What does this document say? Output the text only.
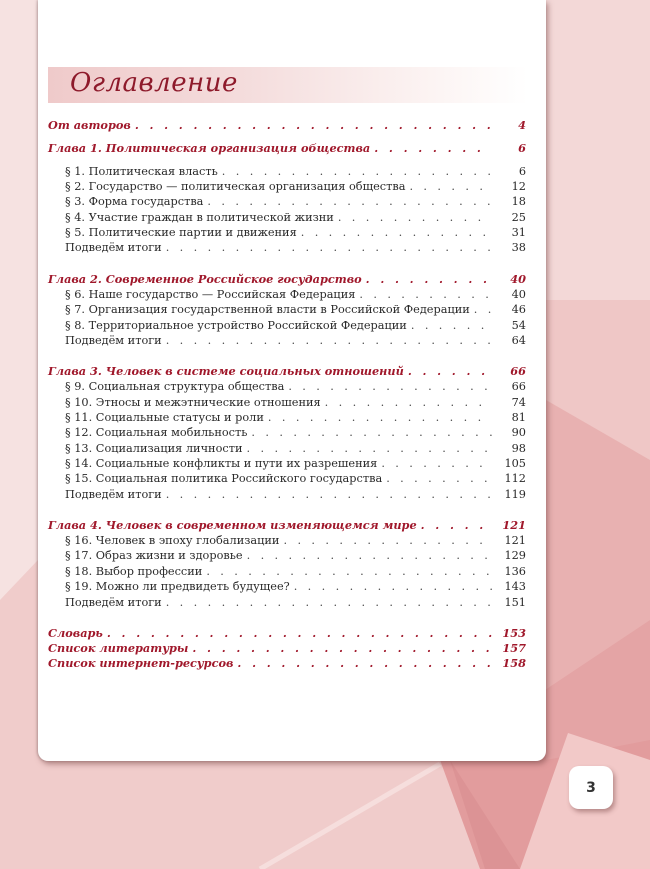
Оглавление
От авторов . . .	4
Глава 1. Политическая организация общества . . .	6
§ 1. Политическая власть . . .	6
§ 2. Государство — политическая организация общества . . .	12
§ 3. Форма государства . . .	18
§ 4. Участие граждан в политической жизни . . .	25
§ 5. Политические партии и движения . . .	31
Подведём итоги . . .	38
Глава 2. Современное Российское государство . . .	40
§ 6. Наше государство — Российская Федерация . . .	40
§ 7. Организация государственной власти в Российской Федерации . . .	46
§ 8. Территориальное устройство Российской Федерации . . .	54
Подведём итоги . . .	64
Глава 3. Человек в системе социальных отношений . . .	66
§ 9. Социальная структура общества . . .	66
§ 10. Этносы и межэтнические отношения . . .	74
§ 11. Социальные статусы и роли . . .	81
§ 12. Социальная мобильность . . .	90
§ 13. Социализация личности . . .	98
§ 14. Социальные конфликты и пути их разрешения . . .	105
§ 15. Социальная политика Российского государства . . .	112
Подведём итоги . . .	119
Глава 4. Человек в современном изменяющемся мире . . .	121
§ 16. Человек в эпоху глобализации . . .	121
§ 17. Образ жизни и здоровье . . .	129
§ 18. Выбор профессии . . .	136
§ 19. Можно ли предвидеть будущее? . . .	143
Подведём итоги . . .	151
Словарь . . .	153
Список литературы . . .	157
Список интернет-ресурсов . . .	158
3
